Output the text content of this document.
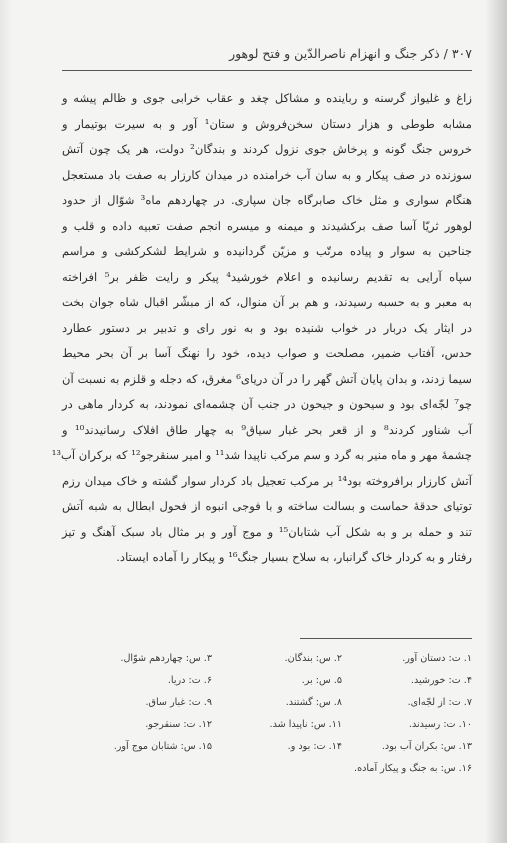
۳۰۷ / ذکر جنگ و انهزام ناصرالدّین و فتح لوهور
زاغ و غلیواز گرسنه و رباینده و مشاکل چغد و عقاب خرابی جوی و ظالم پیشه و
مشابه طوطی و هزار دستان سخن‌فروش و ستان¹ آور و به سیرت بوتیمار و
خروس جنگ گونه و پرخاش جوی نزول کردند و بندگان² دولت، هر یک چون آتش
سوزنده در صف پیکار و به سان آب خرامنده در میدان کارزار به صفت باد مستعجل
هنگام سواری و مثل خاک صابرگاه جان سپاری. در چهاردهم ماه³ شوّال از حدود
لوهور ثریّا آسا صف برکشیدند و میمنه و میسره انجم صفت تعبیه داده و قلب و
جناحین به سوار و پیاده مرتّب و مزیّن گردانیده و شرایط لشکرکشی و مراسم
سپاه آرایی به تقدیم رسانیده و اعلام خورشید⁴ پیکر و رایت ظفر بر⁵ افراخته
به معبر و به حسبه رسیدند، و هم بر آن منوال، که از مبشّر اقبال شاه جوان بخت
در ایثار یک دربار در خواب شنیده بود و به نور رای و تدبیر بر دستور عطارد
حدس، آفتاب ضمیر، مصلحت و صواب دیده، خود را نهنگ آسا بر آن بحر محیط
سیما زدند، و بدان پایان آتش گهر را در آن دریای⁶ مغرق، که دجله و قلزم به نسبت آن
چو⁷ لجّه‌ای بود و سیحون و جیحون در جنب آن چشمه‌ای نمودند، به کردار ماهی در
آب شناور کردند⁸ و از قعر بحر غبار سیاق⁹ به چهار طاق افلاک رسانیدند¹⁰ و
چشمهٔ مهر و ماه منیر به گرد و سم مرکب ناپیدا شد¹¹ و امیر سنقرجو¹² که برکران آب¹³
آتش کارزار برافروخته بود¹⁴ بر مرکب تعجیل باد کردار سوار گشته و خاک میدان رزم
توتیای حدقهٔ حماست و بسالت ساخته و با فوجی انبوه از فحول ابطال به شبه آتش
تند و حمله بر و به شکل آب شتابان¹⁵ و موج آور و بر مثال باد سبک آهنگ و تیز
رفتار و به کردار خاک گرانبار، به سلاح بسیار جنگ¹⁶ و پیکار را آماده ایستاد.
۱. ت: دستان آور.
۲. س: بندگان.
۳. س: چهاردهم شوّال.
۴. ت: خورشید.
۵. س: بر.
۶. ت: دریا.
۷. ت: از لجّه‌ای.
۸. س: گشتند.
۹. ت: غبار ساق.
۱۰. ت: رسیدند.
۱۱. س: ناپیدا شد.
۱۲. ت: سنقرجو.
۱۳. س: بکران آب بود.
۱۴. ت: بود و.
۱۵. س: شتابان موج آور.
۱۶. س: به جنگ و پیکار آماده.
